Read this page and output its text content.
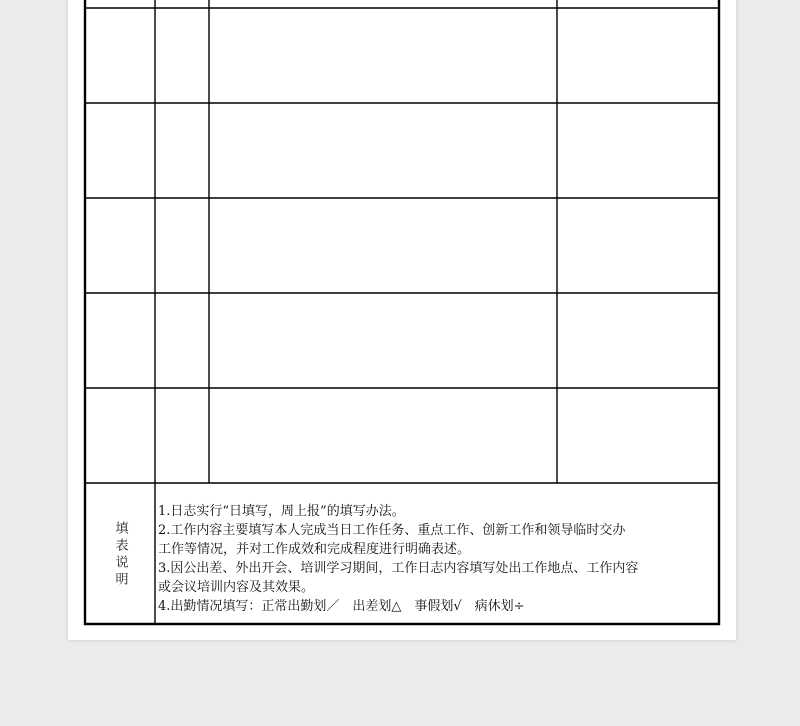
填表说明
1.日志实行“日填写，周上报”的填写办法。
2.工作内容主要填写本人完成当日工作任务、重点工作、创新工作和领导临时交办
工作等情况，并对工作成效和完成程度进行明确表述。
3.因公出差、外出开会、培训学习期间，工作日志内容填写处出工作地点、工作内容
或会议培训内容及其效果。
4.出勤情况填写：正常出勤划／　出差划△　事假划√　病休划÷
